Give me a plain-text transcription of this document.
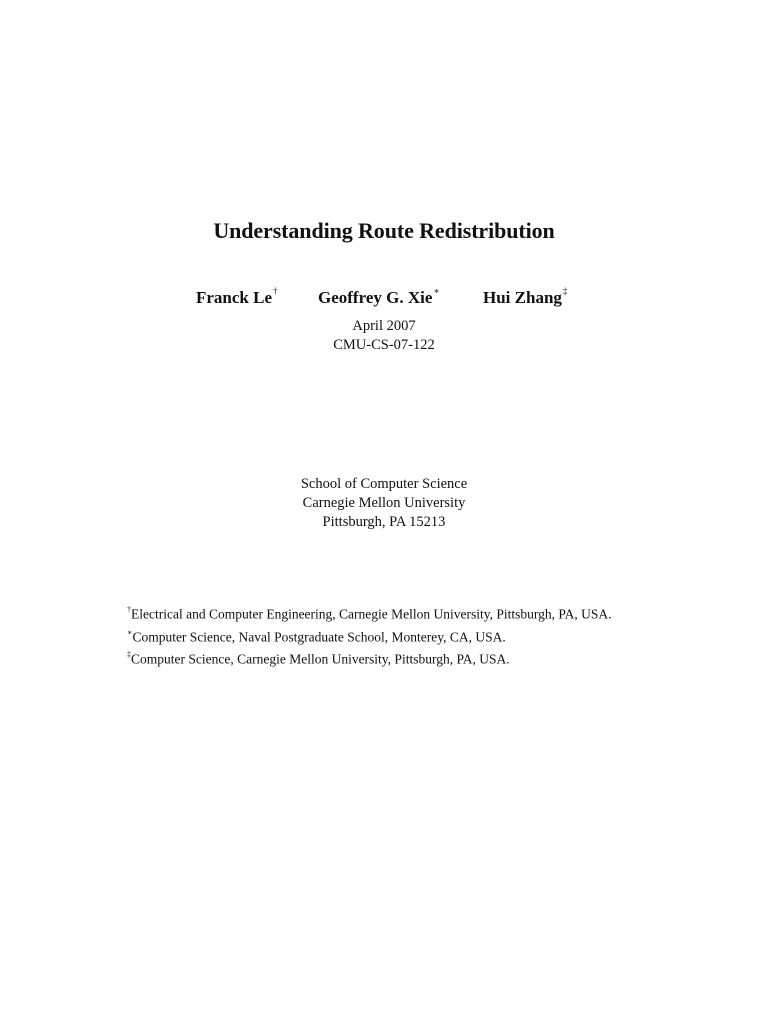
Understanding Route Redistribution
Franck Le† Geoffrey G. Xie∗	Hui Zhang‡
April 2007
CMU-CS-07-122
School of Computer Science
Carnegie Mellon University
Pittsburgh, PA 15213
†Electrical and Computer Engineering, Carnegie Mellon University, Pittsburgh, PA, USA.
∗Computer Science, Naval Postgraduate School, Monterey, CA, USA.
‡Computer Science, Carnegie Mellon University, Pittsburgh, PA, USA.
